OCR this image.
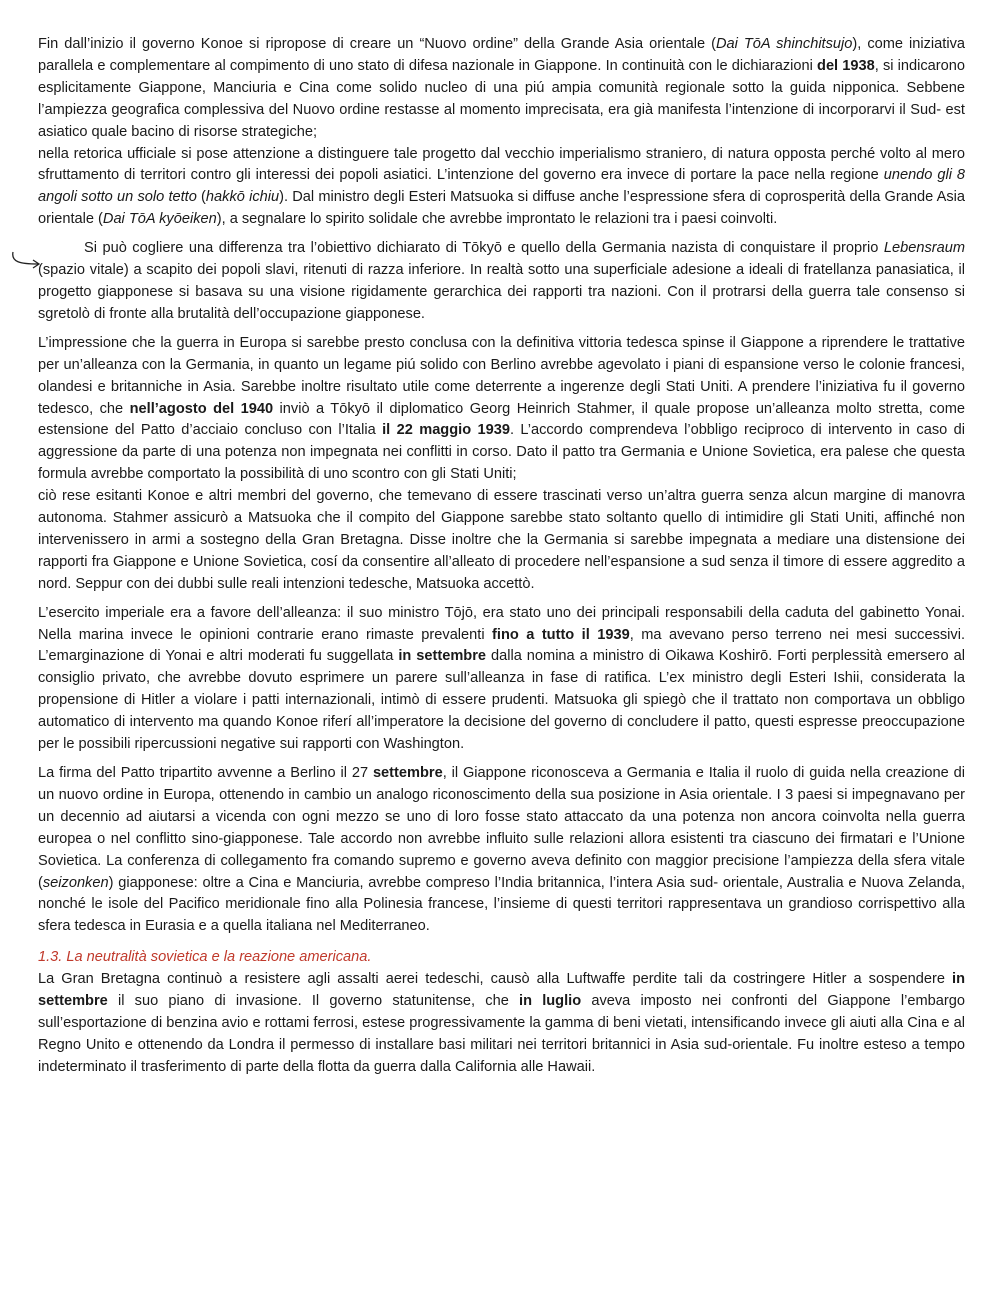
Fin dall’inizio il governo Konoe si ripropose di creare un “Nuovo ordine” della Grande Asia orientale (Dai TōA shinchitsujo), come iniziativa parallela e complementare al compimento di uno stato di difesa nazionale in Giappone. In continuità con le dichiarazioni del 1938, si indicarono esplicitamente Giappone, Manciuria e Cina come solido nucleo di una piú ampia comunità regionale sotto la guida nipponica. Sebbene l’ampiezza geografica complessiva del Nuovo ordine restasse al momento imprecisata, era già manifesta l’intenzione di incorporarvi il Sud- est asiatico quale bacino di risorse strategiche;

nella retorica ufficiale si pose attenzione a distinguere tale progetto dal vecchio imperialismo straniero, di natura opposta perché volto al mero sfruttamento di territori contro gli interessi dei popoli asiatici. L’intenzione del governo era invece di portare la pace nella regione unendo gli 8 angoli sotto un solo tetto (hakkō ichiu). Dal ministro degli Esteri Matsuoka si diffuse anche l’espressione sfera di coprosperità della Grande Asia orientale (Dai TōA kyōeiken), a segnalare lo spirito solidale che avrebbe improntato le relazioni tra i paesi coinvolti.

Si può cogliere una differenza tra l’obiettivo dichiarato di Tōkyō e quello della Germania nazista di conquistare il proprio Lebensraum (spazio vitale) a scapito dei popoli slavi, ritenuti di razza inferiore. In realtà sotto una superficiale adesione a ideali di fratellanza panasiatica, il progetto giapponese si basava su una visione rigidamente gerarchica dei rapporti tra nazioni. Con il protrarsi della guerra tale consenso si sgretolò di fronte alla brutalità dell’occupazione giapponese.

L’impressione che la guerra in Europa si sarebbe presto conclusa con la definitiva vittoria tedesca spinse il Giappone a riprendere le trattative per un’alleanza con la Germania, in quanto un legame piú solido con Berlino avrebbe agevolato i piani di espansione verso le colonie francesi, olandesi e britanniche in Asia. Sarebbe inoltre risultato utile come deterrente a ingerenze degli Stati Uniti. A prendere l’iniziativa fu il governo tedesco, che nell’agosto del 1940 inviò a Tōkyō il diplomatico Georg Heinrich Stahmer, il quale propose un’alleanza molto stretta, come estensione del Patto d’acciaio concluso con l’Italia il 22 maggio 1939. L’accordo comprendeva l’obbligo reciproco di intervento in caso di aggressione da parte di una potenza non impegnata nei conflitti in corso. Dato il patto tra Germania e Unione Sovietica, era palese che questa formula avrebbe comportato la possibilità di uno scontro con gli Stati Uniti;

ciò rese esitanti Konoe e altri membri del governo, che temevano di essere trascinati verso un’altra guerra senza alcun margine di manovra autonoma. Stahmer assicurò a Matsuoka che il compito del Giappone sarebbe stato soltanto quello di intimidire gli Stati Uniti, affinché non intervenissero in armi a sostegno della Gran Bretagna. Disse inoltre che la Germania si sarebbe impegnata a mediare una distensione dei rapporti fra Giappone e Unione Sovietica, cosí da consentire all’alleato di procedere nell’espansione a sud senza il timore di essere aggredito a nord. Seppur con dei dubbi sulle reali intenzioni tedesche, Matsuoka accettò.

L’esercito imperiale era a favore dell’alleanza: il suo ministro Tōjō, era stato uno dei principali responsabili della caduta del gabinetto Yonai. Nella marina invece le opinioni contrarie erano rimaste prevalenti fino a tutto il 1939, ma avevano perso terreno nei mesi successivi. L’emarginazione di Yonai e altri moderati fu suggellata in settembre dalla nomina a ministro di Oikawa Koshirō. Forti perplessità emersero al consiglio privato, che avrebbe dovuto esprimere un parere sull’alleanza in fase di ratifica. L’ex ministro degli Esteri Ishii, considerata la propensione di Hitler a violare i patti internazionali, intimò di essere prudenti. Matsuoka gli spiegò che il trattato non comportava un obbligo automatico di intervento ma quando Konoe riferí all’imperatore la decisione del governo di concludere il patto, questi espresse preoccupazione per le possibili ripercussioni negative sui rapporti con Washington.

La firma del Patto tripartito avvenne a Berlino il 27 settembre, il Giappone riconosceva a Germania e Italia il ruolo di guida nella creazione di un nuovo ordine in Europa, ottenendo in cambio un analogo riconoscimento della sua posizione in Asia orientale. I 3 paesi si impegnavano per un decennio ad aiutarsi a vicenda con ogni mezzo se uno di loro fosse stato attaccato da una potenza non ancora coinvolta nella guerra europea o nel conflitto sino-giapponese. Tale accordo non avrebbe influito sulle relazioni allora esistenti tra ciascuno dei firmatari e l’Unione Sovietica. La conferenza di collegamento fra comando supremo e governo aveva definito con maggior precisione l’ampiezza della sfera vitale (seizonken) giapponese: oltre a Cina e Manciuria, avrebbe compreso l’India britannica, l’intera Asia sud- orientale, Australia e Nuova Zelanda, nonché le isole del Pacifico meridionale fino alla Polinesia francese, l’insieme di questi territori rappresentava un grandioso corrispettivo alla sfera tedesca in Eurasia e a quella italiana nel Mediterraneo.

1.3. La neutralità sovietica e la reazione americana.

La Gran Bretagna continuò a resistere agli assalti aerei tedeschi, causò alla Luftwaffe perdite tali da costringere Hitler a sospendere in settembre il suo piano di invasione. Il governo statunitense, che in luglio aveva imposto nei confronti del Giappone l’embargo sull’esportazione di benzina avio e rottami ferrosi, estese progressivamente la gamma di beni vietati, intensificando invece gli aiuti alla Cina e al Regno Unito e ottenendo da Londra il permesso di installare basi militari nei territori britannici in Asia sud-orientale. Fu inoltre esteso a tempo indeterminato il trasferimento di parte della flotta da guerra dalla California alle Hawaii.
